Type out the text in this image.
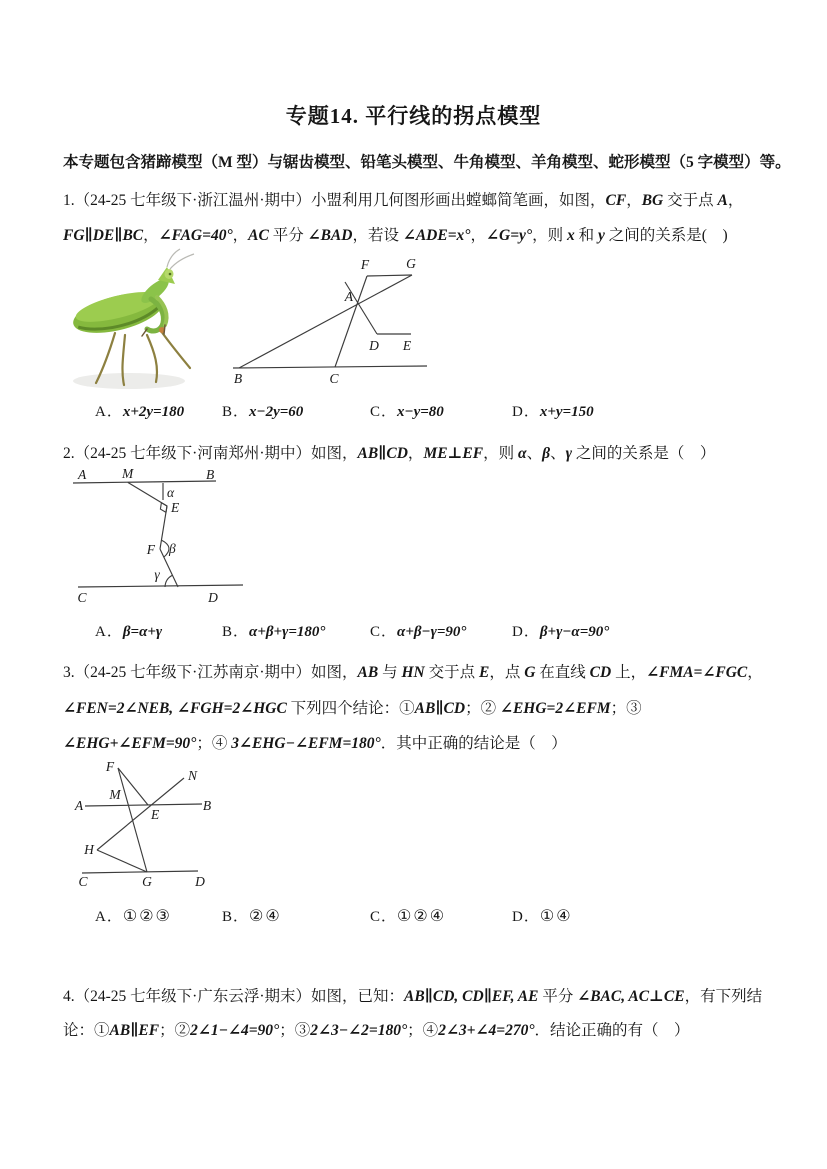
专题14. 平行线的拐点模型
本专题包含猪蹄模型（M 型）与锯齿模型、铅笔头模型、牛角模型、羊角模型、蛇形模型（5 字模型）等。
1.（24-25 七年级下·浙江温州·期中）小盟利用几何图形画出螳螂简笔画，如图，CF，BG 交于点 A，
FG∥DE∥BC，∠FAG=40°，AC 平分 ∠BAD，若设 ∠ADE=x°，∠G=y°，则 x 和 y 之间的关系是(　)
F	G
A
D E
B	C
A．x+2y=180	B．x−2y=60	C．x−y=80	D．x+y=150
2.（24-25 七年级下·河南郑州·期中）如图，AB∥CD，ME⊥EF，则 α、β、γ 之间的关系是（　）
A	M	B
α
E
F β
γ
C	D
A．β=α+γ	B．α+β+γ=180°	C．α+β−γ=90°	D．β+γ−α=90°
3.（24-25 七年级下·江苏南京·期中）如图，AB 与 HN 交于点 E，点 G 在直线 CD 上，∠FMA=∠FGC，
∠FEN=2∠NEB, ∠FGH=2∠HGC 下列四个结论：①AB∥CD；② ∠EHG=2∠EFM；③
∠EHG+∠EFM=90°；④ 3∠EHG−∠EFM=180°．其中正确的结论是（　）
F
N
A
M
B
E
H
C	G	D
A．①②③	B．②④	C．①②④	D．①④
4.（24-25 七年级下·广东云浮·期末）如图，已知：AB∥CD, CD∥EF, AE 平分 ∠BAC, AC⊥CE，有下列结
论：①AB∥EF；②2∠1−∠4=90°；③2∠3−∠2=180°；④2∠3+∠4=270°．结论正确的有（　）
